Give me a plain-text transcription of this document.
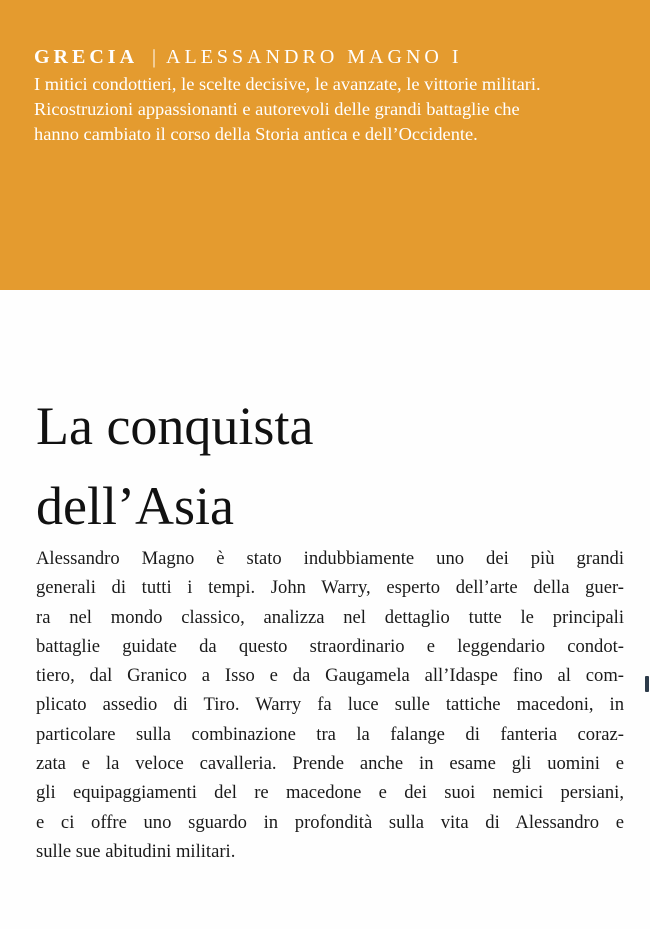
GRECIA | ALESSANDRO MAGNO I
I mitici condottieri, le scelte decisive, le avanzate, le vittorie militari.
Ricostruzioni appassionanti e autorevoli delle grandi battaglie che
hanno cambiato il corso della Storia antica e dell’Occidente.
La conquista
dell’Asia
Alessandro Magno è stato indubbiamente uno dei più grandi
generali di tutti i tempi. John Warry, esperto dell’arte della guer-
ra nel mondo classico, analizza nel dettaglio tutte le principali
battaglie guidate da questo straordinario e leggendario condot-
tiero, dal Granico a Isso e da Gaugamela all’Idaspe fino al com-
plicato assedio di Tiro. Warry fa luce sulle tattiche macedoni, in
particolare sulla combinazione tra la falange di fanteria coraz-
zata e la veloce cavalleria. Prende anche in esame gli uomini e
gli equipaggiamenti del re macedone e dei suoi nemici persiani,
e ci offre uno sguardo in profondità sulla vita di Alessandro e
sulle sue abitudini militari.
